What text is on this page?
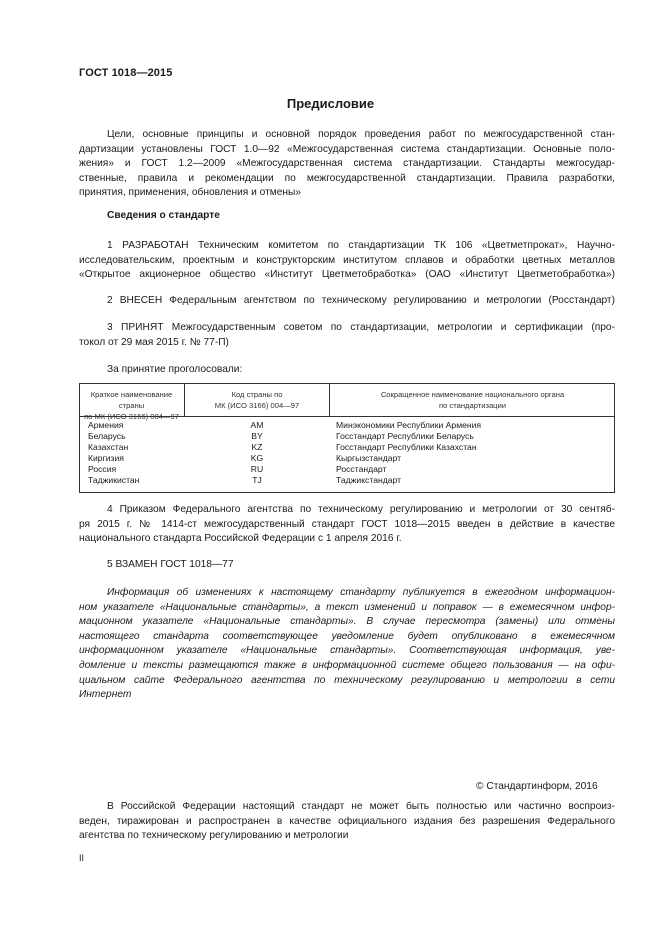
ГОСТ 1018—2015
Предисловие
Цели, основные принципы и основной порядок проведения работ по межгосударственной стан-
дартизации установлены ГОСТ 1.0—92 «Межгосударственная система стандартизации. Основные поло-
жения» и ГОСТ 1.2—2009 «Межгосударственная система стандартизации. Стандарты межгосудар-
ственные, правила и рекомендации по межгосударственной стандартизации. Правила разработки,
принятия, применения, обновления и отмены»
Сведения о стандарте
1 РАЗРАБОТАН Техническим комитетом по стандартизации ТК 106 «Цветметпрокат», Научно-
исследовательским, проектным и конструкторским институтом сплавов и обработки цветных металлов
«Открытое акционерное общество «Институт Цветметобработка» (ОАО «Институт Цветметобработка»)
2 ВНЕСЕН Федеральным агентством по техническому регулированию и метрологии (Росстандарт)
3 ПРИНЯТ Межгосударственным советом по стандартизации, метрологии и сертификации (про-
токол от 29 мая 2015 г. № 77-П)
За принятие проголосовали:
Краткое наименование страны
по МК (ИСО 3166) 004—97
Код страны по
МК (ИСО 3166) 004—97
Сокращенное наименование национального органа
по стандартизации
Армения
Беларусь
Казахстан
Киргизия
Россия
Таджикистан
AM
BY
KZ
KG
RU
TJ
Минэкономики Республики Армения
Госстандарт Республики Беларусь
Госстандарт Республики Казахстан
Кыргызстандарт
Росстандарт
Таджикстандарт
4 Приказом Федерального агентства по техническому регулированию и метрологии от 30 сентяб-
ря 2015 г. № 1414-ст межгосударственный стандарт ГОСТ 1018—2015 введен в действие в качестве
национального стандарта Российской Федерации с 1 апреля 2016 г.
5 ВЗАМЕН ГОСТ 1018—77
Информация об изменениях к настоящему стандарту публикуется в ежегодном информацион-
ном указателе «Национальные стандарты», а текст изменений и поправок — в ежемесячном инфор-
мационном указателе «Национальные стандарты». В случае пересмотра (замены) или отмены
настоящего стандарта соответствующее уведомление будет опубликовано в ежемесячном
информационном указателе «Национальные стандарты». Соответствующая информация, уве-
домление и тексты размещаются также в информационной системе общего пользования — на офи-
циальном сайте Федерального агентства по техническому регулированию и метрологии в сети
Интернет
© Стандартинформ, 2016
В Российской Федерации настоящий стандарт не может быть полностью или частично воспроиз-
веден, тиражирован и распространен в качестве официального издания без разрешения Федерального
агентства по техническому регулированию и метрологии
II
